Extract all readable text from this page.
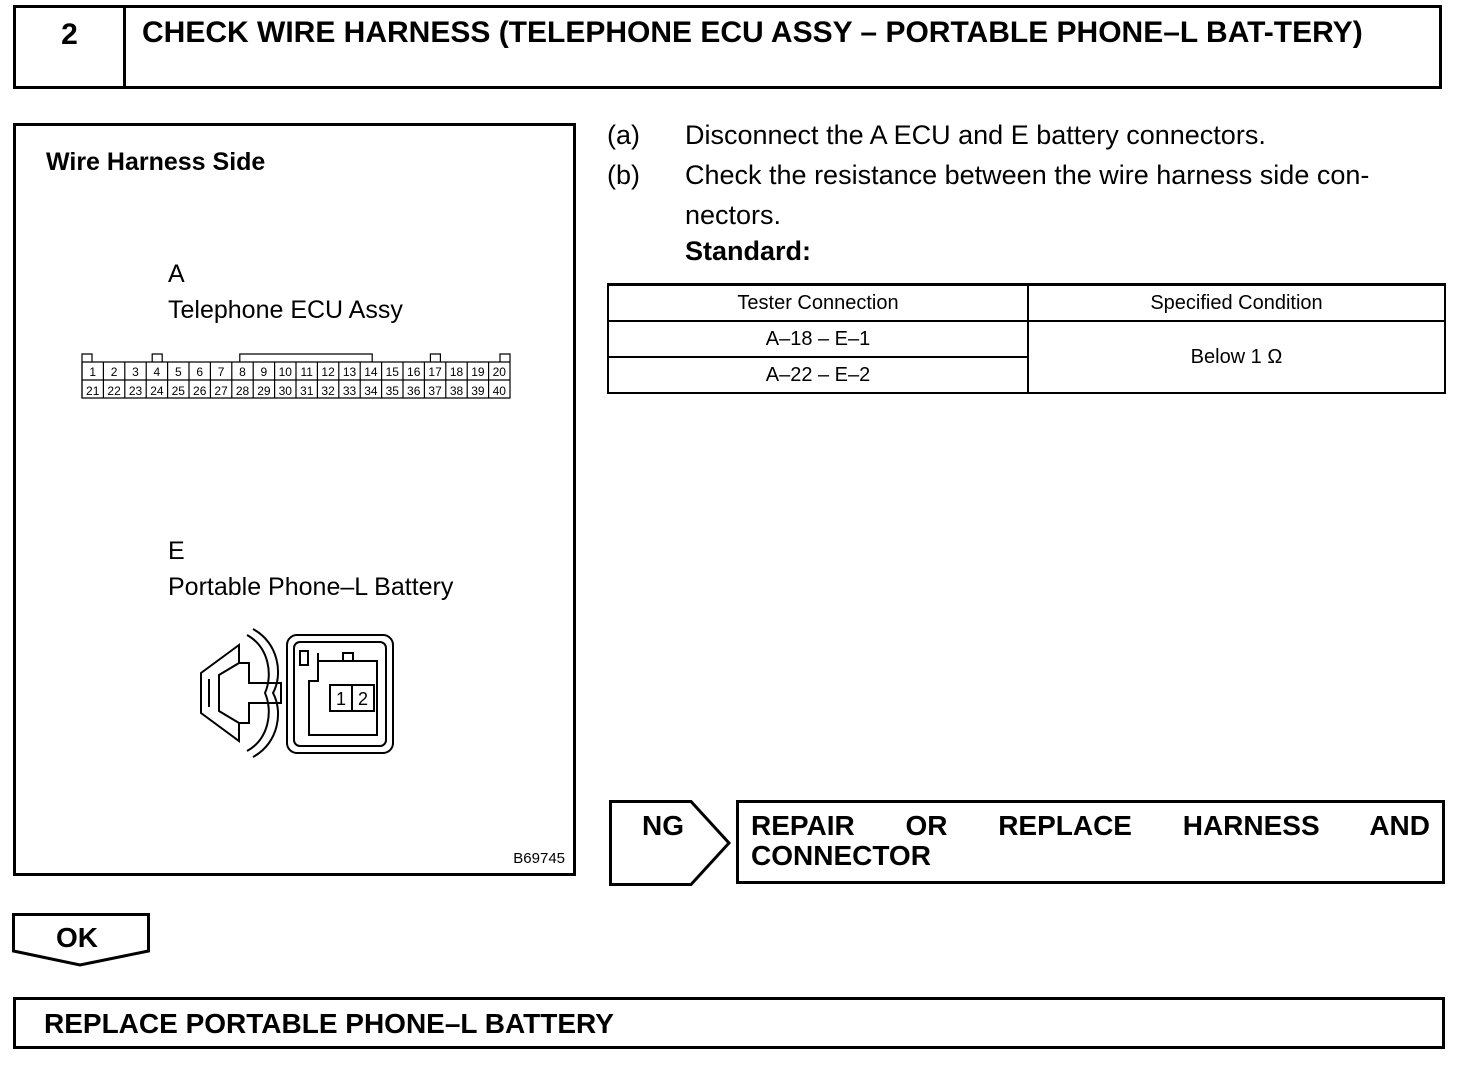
2	CHECK WIRE HARNESS (TELEPHONE ECU ASSY – PORTABLE PHONE–L BAT-TERY)
Wire Harness Side
A
Telephone ECU Assy
1
21
2
22
3
23
4
24
5
25
6
26
7
27
8
28
9
29
10
30
11
31
12
32
13
33
14
34
15
35
16
36
17
37
18
38
19
39
20
40
E
Portable Phone–L Battery
1 2
B69745
(a) Disconnect the A ECU and E battery connectors.
(b) Check the resistance between the wire harness side con-nectors.
Standard:
Tester Connection	Specified Condition
A–18 – E–1	Below 1 Ω
A–22 – E–2	
NG REPAIR OR REPLACE HARNESS AND CONNECTOR
OK
REPLACE PORTABLE PHONE–L BATTERY
